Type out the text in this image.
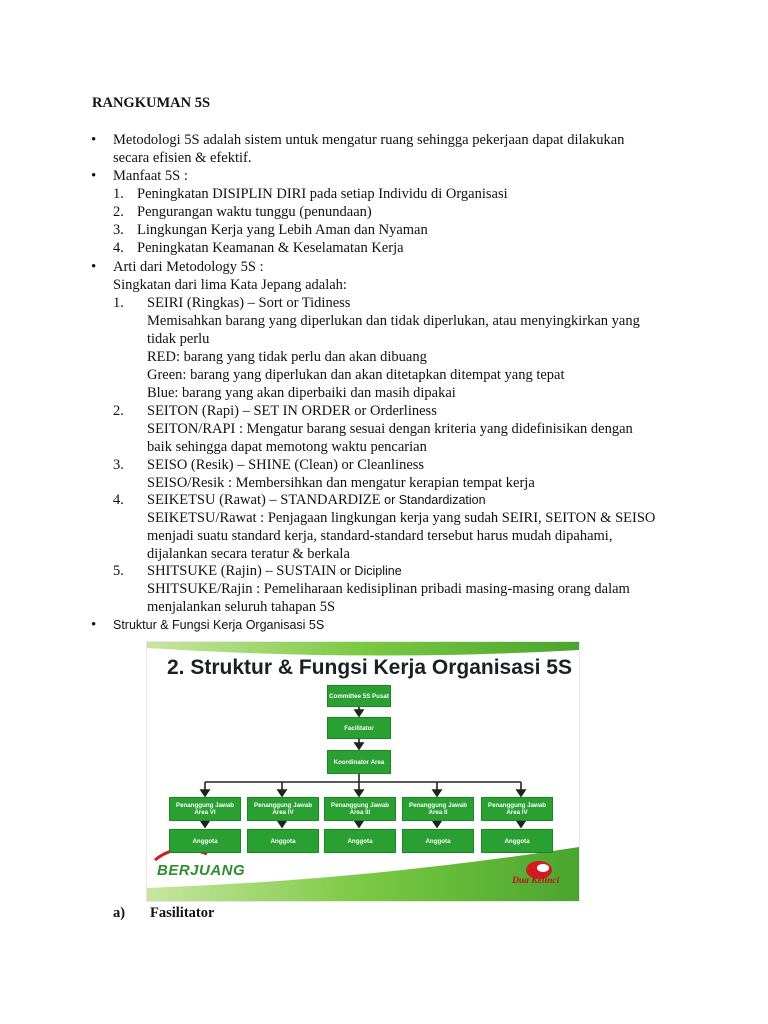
RANGKUMAN 5S
• Metodologi 5S adalah sistem untuk mengatur ruang sehingga pekerjaan dapat dilakukan
secara efisien & efektif.
• Manfaat 5S :
1. Peningkatan DISIPLIN DIRI pada setiap Individu di Organisasi
2. Pengurangan waktu tunggu (penundaan)
3. Lingkungan Kerja yang Lebih Aman dan Nyaman
4. Peningkatan Keamanan & Keselamatan Kerja
• Arti dari Metodology 5S :
Singkatan dari lima Kata Jepang adalah:
1. SEIRI (Ringkas) – Sort or Tidiness
Memisahkan barang yang diperlukan dan tidak diperlukan, atau menyingkirkan yang
tidak perlu
RED: barang yang tidak perlu dan akan dibuang
Green: barang yang diperlukan dan akan ditetapkan ditempat yang tepat
Blue: barang yang akan diperbaiki dan masih dipakai
2. SEITON (Rapi) – SET IN ORDER or Orderliness
SEITON/RAPI : Mengatur barang sesuai dengan kriteria yang didefinisikan dengan
baik sehingga dapat memotong waktu pencarian
3. SEISO (Resik) – SHINE (Clean) or Cleanliness
SEISO/Resik : Membersihkan dan mengatur kerapian tempat kerja
4. SEIKETSU (Rawat) – STANDARDIZE or Standardization
SEIKETSU/Rawat : Penjagaan lingkungan kerja yang sudah SEIRI, SEITON & SEISO
menjadi suatu standard kerja, standard-standard tersebut harus mudah dipahami,
dijalankan secara teratur & berkala
5. SHITSUKE (Rajin) – SUSTAIN or Dicipline
SHITSUKE/Rajin : Pemeliharaan kedisiplinan pribadi masing-masing orang dalam
menjalankan seluruh tahapan 5S
• Struktur & Fungsi Kerja Organisasi 5S
2. Struktur & Fungsi Kerja Organisasi 5S
Committee 5S Pusat
Facilitator
Koordinator Area
Penanggung Jawab Area VI
Penanggung Jawab Area IV
Penanggung Jawab Area III
Penanggung Jawab Area II
Penanggung Jawab Area IV
Anggota	Anggota	Anggota	Anggota	Anggota
BERJUANG
Dua Kelinci
a) Fasilitator
